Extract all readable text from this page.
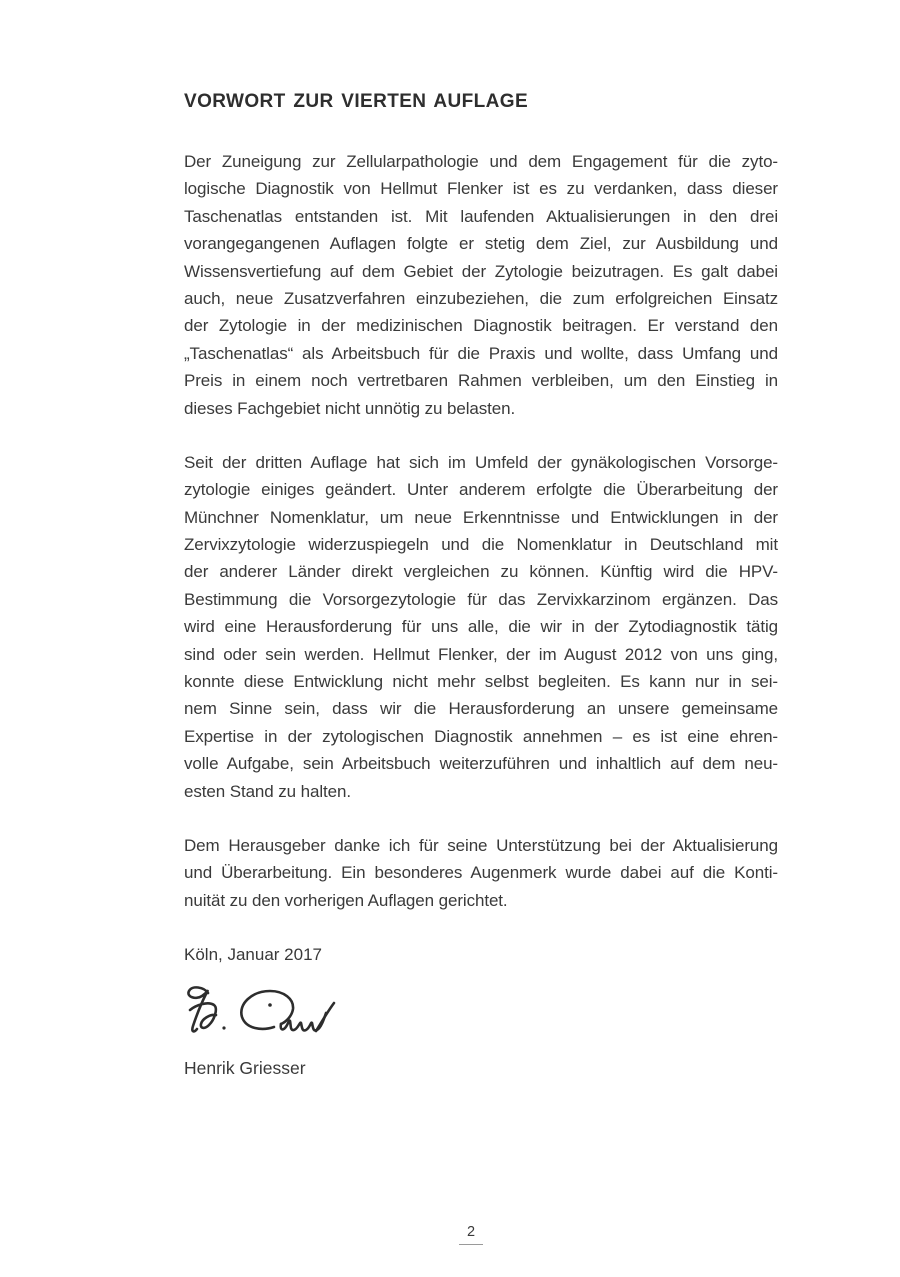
VORWORT ZUR VIERTEN AUFLAGE

Der Zuneigung zur Zellularpathologie und dem Engagement für die zyto-
logische Diagnostik von Hellmut Flenker ist es zu verdanken, dass dieser
Taschenatlas entstanden ist. Mit laufenden Aktualisierungen in den drei
vorangegangenen Auflagen folgte er stetig dem Ziel, zur Ausbildung und
Wissensvertiefung auf dem Gebiet der Zytologie beizutragen. Es galt dabei
auch, neue Zusatzverfahren einzubeziehen, die zum erfolgreichen Einsatz
der Zytologie in der medizinischen Diagnostik beitragen. Er verstand den
„Taschenatlas“ als Arbeitsbuch für die Praxis und wollte, dass Umfang und
Preis in einem noch vertretbaren Rahmen verbleiben, um den Einstieg in
dieses Fachgebiet nicht unnötig zu belasten.

Seit der dritten Auflage hat sich im Umfeld der gynäkologischen Vorsorge-
zytologie einiges geändert. Unter anderem erfolgte die Überarbeitung der
Münchner Nomenklatur, um neue Erkenntnisse und Entwicklungen in der
Zervixzytologie widerzuspiegeln und die Nomenklatur in Deutschland mit
der anderer Länder direkt vergleichen zu können. Künftig wird die HPV-
Bestimmung die Vorsorgezytologie für das Zervixkarzinom ergänzen. Das
wird eine Herausforderung für uns alle, die wir in der Zytodiagnostik tätig
sind oder sein werden. Hellmut Flenker, der im August 2012 von uns ging,
konnte diese Entwicklung nicht mehr selbst begleiten. Es kann nur in sei-
nem Sinne sein, dass wir die Herausforderung an unsere gemeinsame
Expertise in der zytologischen Diagnostik annehmen – es ist eine ehren-
volle Aufgabe, sein Arbeitsbuch weiterzuführen und inhaltlich auf dem neu-
esten Stand zu halten.

Dem Herausgeber danke ich für seine Unterstützung bei der Aktualisierung
und Überarbeitung. Ein besonderes Augenmerk wurde dabei auf die Konti-
nuität zu den vorherigen Auflagen gerichtet.

Köln, Januar 2017
Henrik Griesser
2
